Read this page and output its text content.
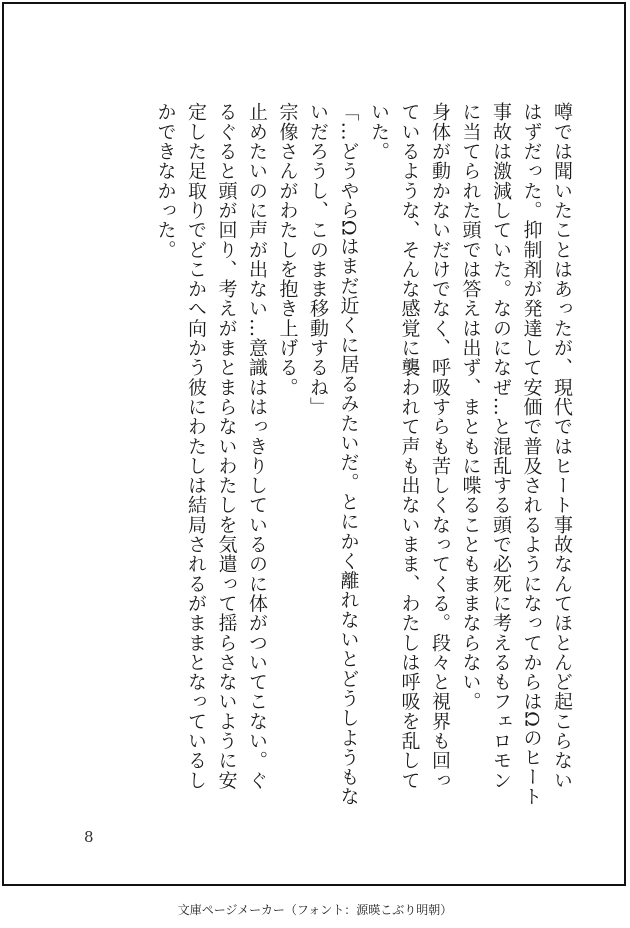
噂では聞いたことはあったが、現代ではヒート事故なんてほとんど起こらないはずだった。抑制剤が発達して安価で普及されるようになってからはΩのヒート事故は激減していた。なのになぜ…と混乱する頭で必死に考えるもフェロモンに当てられた頭では答えは出ず、まともに喋ることもままならない。

身体が動かないだけでなく、呼吸すらも苦しくなってくる。段々と視界も回っているような、そんな感覚に襲われて声も出ないまま、わたしは呼吸を乱していた。

「…どうやらΩはまだ近くに居るみたいだ。とにかく離れないとどうしようもないだろうし、このまま移動するね」

宗像さんがわたしを抱き上げる。

止めたいのに声が出ない…意識ははっきりしているのに体がついてこない。ぐるぐると頭が回り、考えがまとまらないわたしを気遣って揺らさないように安定した足取りでどこかへ向かう彼にわたしは結局されるがままとなっているしかできなかった。

8
文庫ページメーカー（フォント：源暎こぶり明朝）
